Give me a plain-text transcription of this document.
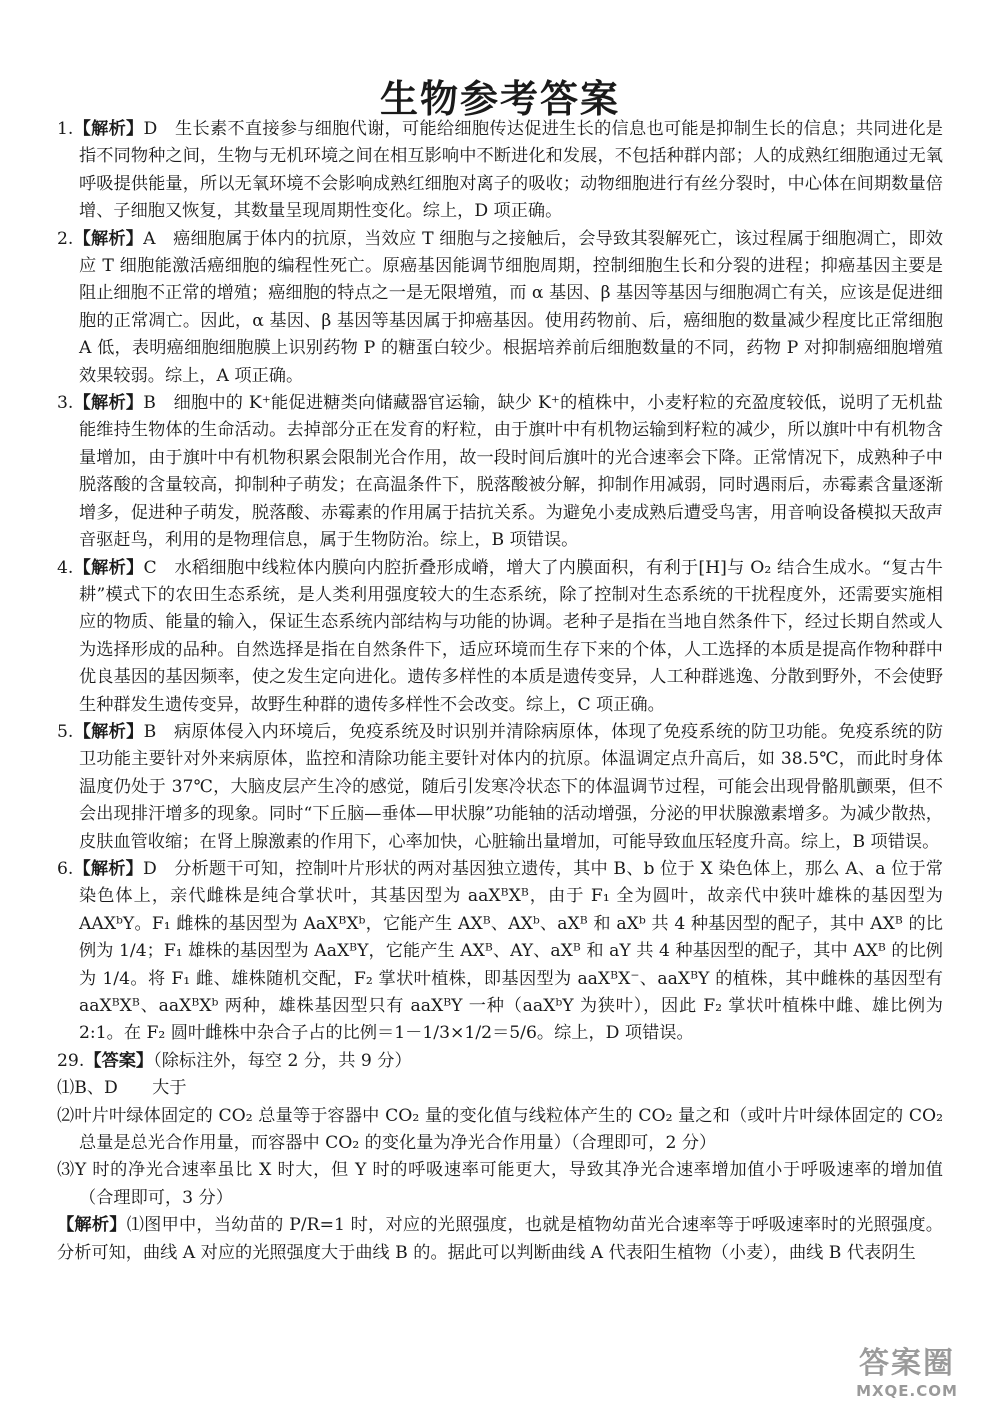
生物参考答案

1.【解析】D　生长素不直接参与细胞代谢，可能给细胞传达促进生长的信息也可能是抑制生长的信息；共同进化是指不同物种之间，生物与无机环境之间在相互影响中不断进化和发展，不包括种群内部；人的成熟红细胞通过无氧呼吸提供能量，所以无氧环境不会影响成熟红细胞对离子的吸收；动物细胞进行有丝分裂时，中心体在间期数量倍增、子细胞又恢复，其数量呈现周期性变化。综上，D 项正确。

2.【解析】A　癌细胞属于体内的抗原，当效应 T 细胞与之接触后，会导致其裂解死亡，该过程属于细胞凋亡，即效应 T 细胞能激活癌细胞的编程性死亡。原癌基因能调节细胞周期，控制细胞生长和分裂的进程；抑癌基因主要是阻止细胞不正常的增殖；癌细胞的特点之一是无限增殖，而 α 基因、β 基因等基因与细胞凋亡有关，应该是促进细胞的正常凋亡。因此，α 基因、β 基因等基因属于抑癌基因。使用药物前、后，癌细胞的数量减少程度比正常细胞 A 低，表明癌细胞细胞膜上识别药物 P 的糖蛋白较少。根据培养前后细胞数量的不同，药物 P 对抑制癌细胞增殖效果较弱。综上，A 项正确。

3.【解析】B　细胞中的 K⁺能促进糖类向储藏器官运输，缺少 K⁺的植株中，小麦籽粒的充盈度较低，说明了无机盐能维持生物体的生命活动。去掉部分正在发育的籽粒，由于旗叶中有机物运输到籽粒的减少，所以旗叶中有机物含量增加，由于旗叶中有机物积累会限制光合作用，故一段时间后旗叶的光合速率会下降。正常情况下，成熟种子中脱落酸的含量较高，抑制种子萌发；在高温条件下，脱落酸被分解，抑制作用减弱，同时遇雨后，赤霉素含量逐渐增多，促进种子萌发，脱落酸、赤霉素的作用属于拮抗关系。为避免小麦成熟后遭受鸟害，用音响设备模拟天敌声音驱赶鸟，利用的是物理信息，属于生物防治。综上，B 项错误。

4.【解析】C　水稻细胞中线粒体内膜向内腔折叠形成嵴，增大了内膜面积，有利于[H]与 O₂ 结合生成水。“复古牛耕”模式下的农田生态系统，是人类利用强度较大的生态系统，除了控制对生态系统的干扰程度外，还需要实施相应的物质、能量的输入，保证生态系统内部结构与功能的协调。老种子是指在当地自然条件下，经过长期自然或人为选择形成的品种。自然选择是指在自然条件下，适应环境而生存下来的个体，人工选择的本质是提高作物种群中优良基因的基因频率，使之发生定向进化。遗传多样性的本质是遗传变异，人工种群逃逸、分散到野外，不会使野生种群发生遗传变异，故野生种群的遗传多样性不会改变。综上，C 项正确。

5.【解析】B　病原体侵入内环境后，免疫系统及时识别并清除病原体，体现了免疫系统的防卫功能。免疫系统的防卫功能主要针对外来病原体，监控和清除功能主要针对体内的抗原。体温调定点升高后，如 38.5℃，而此时身体温度仍处于 37℃，大脑皮层产生冷的感觉，随后引发寒冷状态下的体温调节过程，可能会出现骨骼肌颤栗，但不会出现排汗增多的现象。同时“下丘脑—垂体—甲状腺”功能轴的活动增强，分泌的甲状腺激素增多。为减少散热，皮肤血管收缩；在肾上腺激素的作用下，心率加快，心脏输出量增加，可能导致血压轻度升高。综上，B 项错误。

6.【解析】D　分析题干可知，控制叶片形状的两对基因独立遗传，其中 B、b 位于 X 染色体上，那么 A、a 位于常染色体上，亲代雌株是纯合掌状叶，其基因型为 aaXᴮXᴮ，由于 F₁ 全为圆叶，故亲代中狭叶雄株的基因型为 AAXᵇY。F₁ 雌株的基因型为 AaXᴮXᵇ，它能产生 AXᴮ、AXᵇ、aXᴮ 和 aXᵇ 共 4 种基因型的配子，其中 AXᴮ 的比例为 1/4；F₁ 雄株的基因型为 AaXᴮY，它能产生 AXᴮ、AY、aXᴮ 和 aY 共 4 种基因型的配子，其中 AXᴮ 的比例为 1/4。将 F₁ 雌、雄株随机交配，F₂ 掌状叶植株，即基因型为 aaXᴮX⁻、aaXᴮY 的植株，其中雌株的基因型有 aaXᴮXᴮ、aaXᴮXᵇ 两种，雄株基因型只有 aaXᴮY 一种（aaXᵇY 为狭叶），因此 F₂ 掌状叶植株中雌、雄比例为 2:1。在 F₂ 圆叶雌株中杂合子占的比例＝1－1/3×1/2＝5/6。综上，D 项错误。

29.【答案】（除标注外，每空 2 分，共 9 分）

⑴B、D　　大于

⑵叶片叶绿体固定的 CO₂ 总量等于容器中 CO₂ 量的变化值与线粒体产生的 CO₂ 量之和（或叶片叶绿体固定的 CO₂ 总量是总光合作用量，而容器中 CO₂ 的变化量为净光合作用量）（合理即可，2 分）

⑶Y 时的净光合速率虽比 X 时大，但 Y 时的呼吸速率可能更大，导致其净光合速率增加值小于呼吸速率的增加值（合理即可，3 分）

【解析】⑴图甲中，当幼苗的 P/R=1 时，对应的光照强度，也就是植物幼苗光合速率等于呼吸速率时的光照强度。分析可知，曲线 A 对应的光照强度大于曲线 B 的。据此可以判断曲线 A 代表阳生植物（小麦），曲线 B 代表阴生

答案圈
MXQE.COM
